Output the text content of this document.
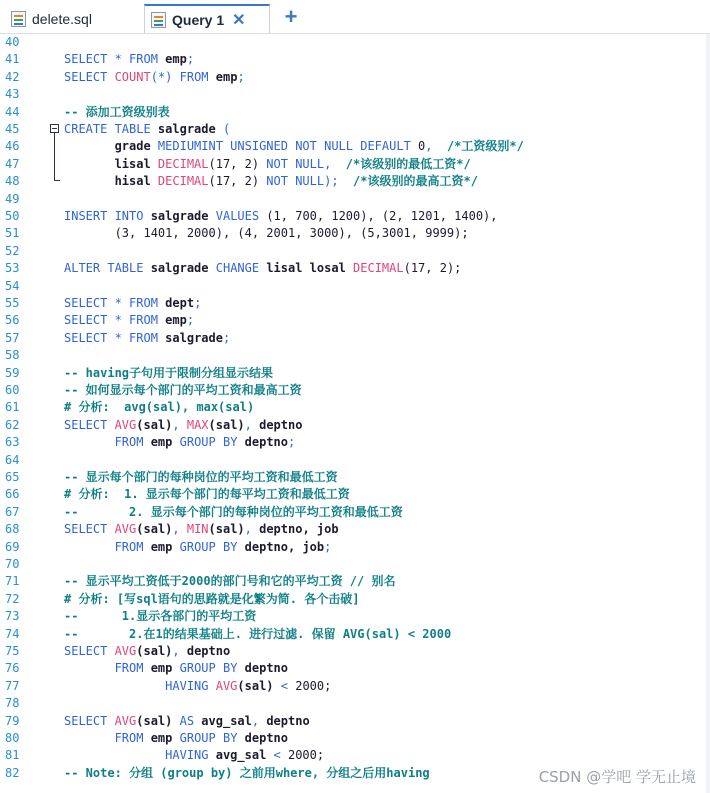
delete.sql	Query 1 ✕ +
40
41
42
43
44
45
46
47
48
49
50
51
52
53
54
55
56
57
58
59
60
61
62
63
64
65
66
67
68
69
70
71
72
73
74
75
76
77
78
79
80
81
82
SELECT * FROM emp;
SELECT COUNT(*) FROM emp;
-- 添加工资级别表
CREATE TABLE salgrade (
grade MEDIUMINT UNSIGNED NOT NULL DEFAULT 0,  /*工资级别*/
lisal DECIMAL(17, 2) NOT NULL,  /*该级别的最低工资*/
hisal DECIMAL(17, 2) NOT NULL);  /*该级别的最高工资*/
INSERT INTO salgrade VALUES (1, 700, 1200), (2, 1201, 1400),
(3, 1401, 2000), (4, 2001, 3000), (5,3001, 9999);
ALTER TABLE salgrade CHANGE lisal losal DECIMAL(17, 2);
SELECT * FROM dept;
SELECT * FROM emp;
SELECT * FROM salgrade;
-- having子句用于限制分组显示结果
-- 如何显示每个部门的平均工资和最高工资
# 分析:  avg(sal), max(sal)
SELECT AVG(sal), MAX(sal), deptno
FROM emp GROUP BY deptno;
-- 显示每个部门的每种岗位的平均工资和最低工资
# 分析:  1. 显示每个部门的每平均工资和最低工资
--       2. 显示每个部门的每种岗位的平均工资和最低工资
SELECT AVG(sal), MIN(sal), deptno, job
FROM emp GROUP BY deptno, job;
-- 显示平均工资低于2000的部门号和它的平均工资 // 别名
# 分析: [写sql语句的思路就是化繁为简. 各个击破]
--      1.显示各部门的平均工资
--       2.在1的结果基础上. 进行过滤. 保留 AVG(sal) < 2000
SELECT AVG(sal), deptno
FROM emp GROUP BY deptno
HAVING AVG(sal) < 2000;
SELECT AVG(sal) AS avg_sal, deptno
FROM emp GROUP BY deptno
HAVING avg_sal < 2000;
-- Note: 分组 (group by) 之前用where, 分组之后用having	CSDN @学吧 学无止境
